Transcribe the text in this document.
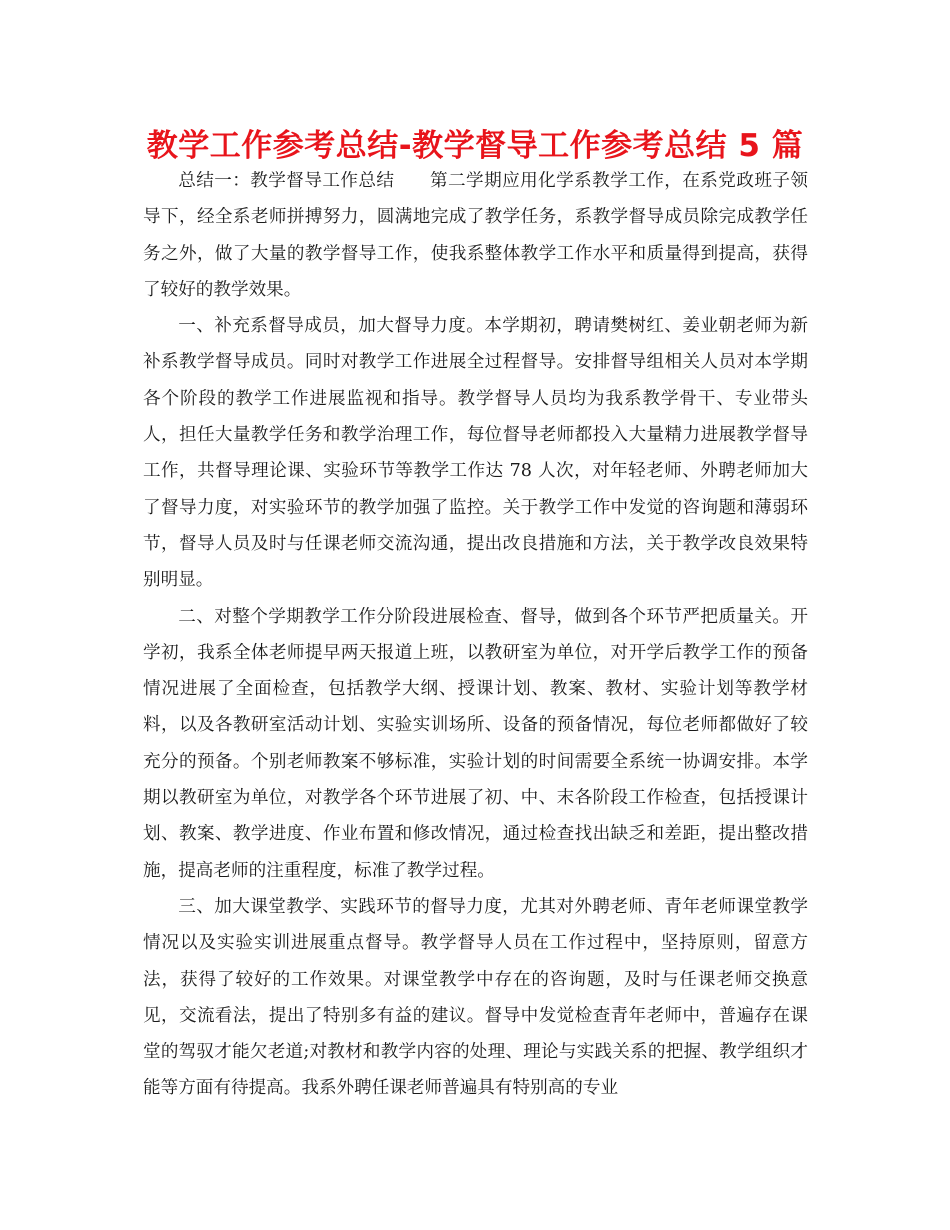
教学工作参考总结-教学督导工作参考总结 5 篇

总结一：教学督导工作总结 第二学期应用化学系教学工作，在系党政班子领导下，经全系老师拼搏努力，圆满地完成了教学任务，系教学督导成员除完成教学任务之外，做了大量的教学督导工作，使我系整体教学工作水平和质量得到提高，获得了较好的教学效果。

一、补充系督导成员，加大督导力度。本学期初，聘请樊树红、姜业朝老师为新补系教学督导成员。同时对教学工作进展全过程督导。安排督导组相关人员对本学期各个阶段的教学工作进展监视和指导。教学督导人员均为我系教学骨干、专业带头人，担任大量教学任务和教学治理工作，每位督导老师都投入大量精力进展教学督导工作，共督导理论课、实验环节等教学工作达 78 人次，对年轻老师、外聘老师加大了督导力度，对实验环节的教学加强了监控。关于教学工作中发觉的咨询题和薄弱环节，督导人员及时与任课老师交流沟通，提出改良措施和方法，关于教学改良效果特别明显。

二、对整个学期教学工作分阶段进展检查、督导，做到各个环节严把质量关。开学初，我系全体老师提早两天报道上班，以教研室为单位，对开学后教学工作的预备情况进展了全面检查，包括教学大纲、授课计划、教案、教材、实验计划等教学材料，以及各教研室活动计划、实验实训场所、设备的预备情况，每位老师都做好了较充分的预备。个别老师教案不够标准，实验计划的时间需要全系统一协调安排。本学期以教研室为单位，对教学各个环节进展了初、中、末各阶段工作检查，包括授课计划、教案、教学进度、作业布置和修改情况，通过检查找出缺乏和差距，提出整改措施，提高老师的注重程度，标准了教学过程。

三、加大课堂教学、实践环节的督导力度，尤其对外聘老师、青年老师课堂教学情况以及实验实训进展重点督导。教学督导人员在工作过程中，坚持原则，留意方法，获得了较好的工作效果。对课堂教学中存在的咨询题，及时与任课老师交换意见，交流看法，提出了特别多有益的建议。督导中发觉检查青年老师中，普遍存在课堂的驾驭才能欠老道;对教材和教学内容的处理、理论与实践关系的把握、教学组织才能等方面有待提高。我系外聘任课老师普遍具有特别高的专业
